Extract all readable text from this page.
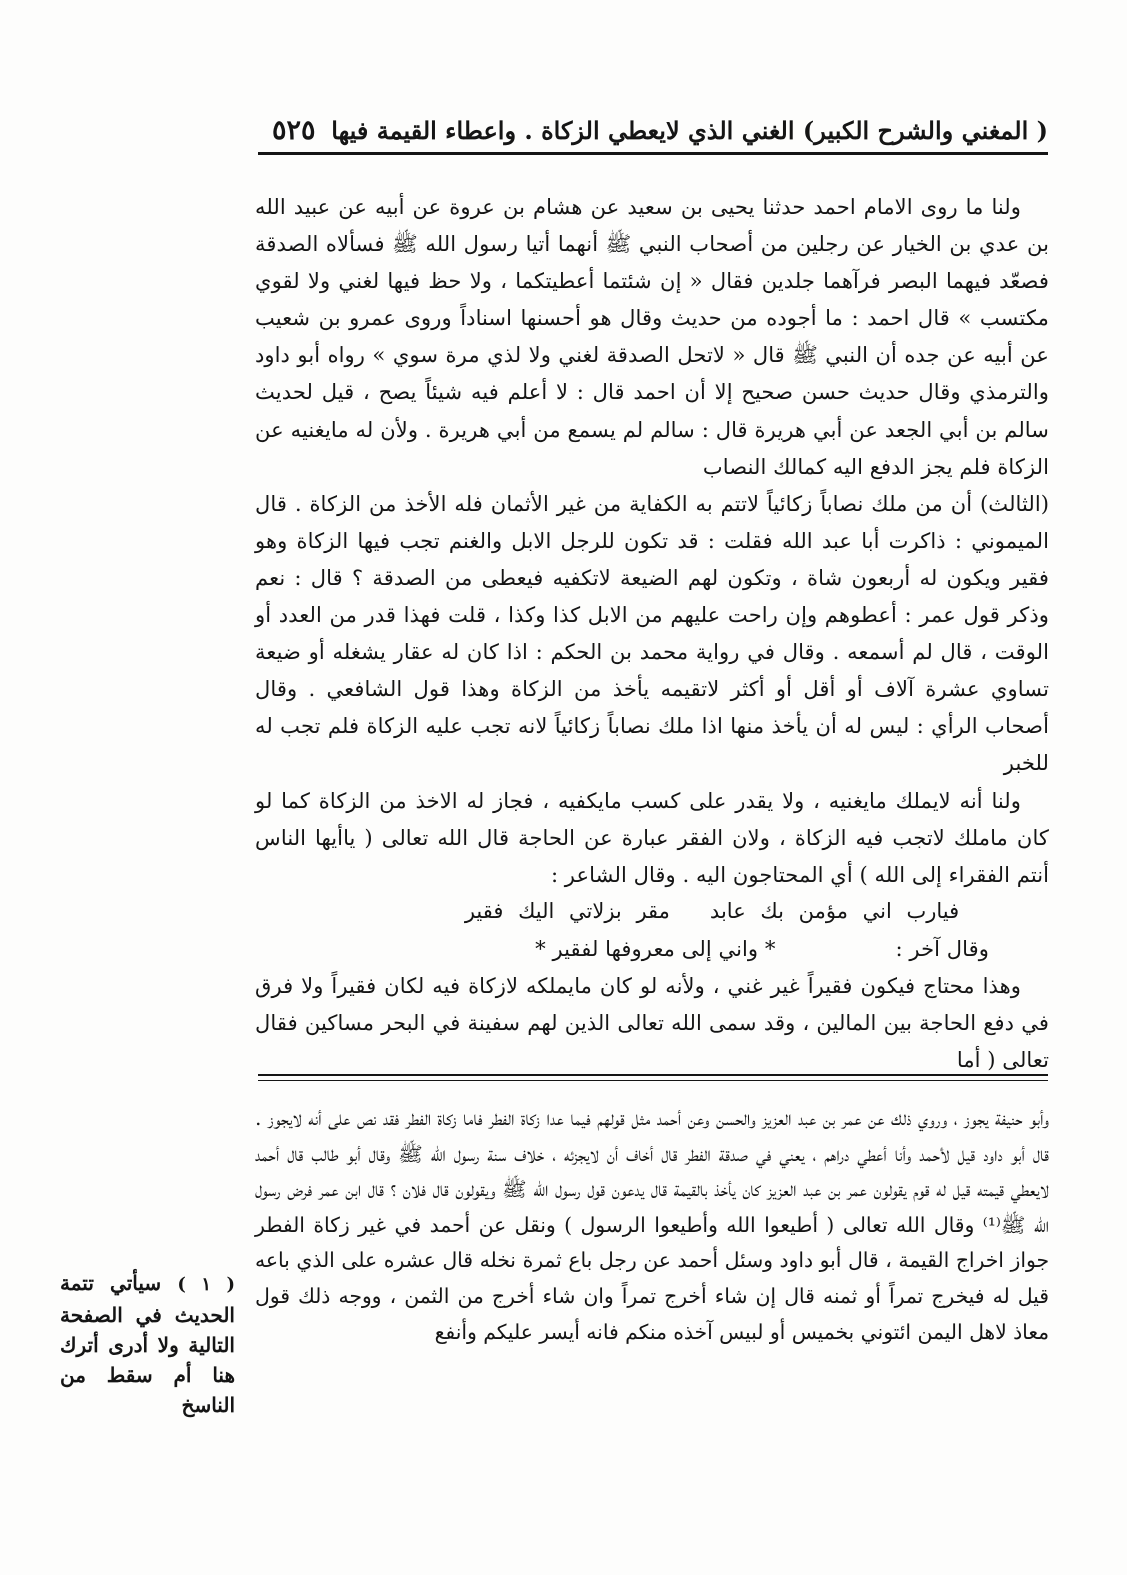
( المغني والشرح الكبير) الغني الذي لايعطي الزكاة . واعطاء القيمة فيها
٥٢٥

ولنا ما روى الامام احمد حدثنا يحيى بن سعيد عن هشام بن عروة عن أبيه عن عبيد الله بن عدي بن الخيار عن رجلين من أصحاب النبي ﷺ أنهما أتيا رسول الله ﷺ فسألاه الصدقة فصعّد فيهما البصر فرآهما جلدين فقال « إن شئتما أعطيتكما ، ولا حظ فيها لغني ولا لقوي مكتسب » قال احمد : ما أجوده من حديث وقال هو أحسنها اسناداً وروى عمرو بن شعيب عن أبيه عن جده أن النبي ﷺ قال « لاتحل الصدقة لغني ولا لذي مرة سوي » رواه أبو داود والترمذي وقال حديث حسن صحيح إلا أن احمد قال : لا أعلم فيه شيئاً يصح ، قيل لحديث سالم بن أبي الجعد عن أبي هريرة قال : سالم لم يسمع من أبي هريرة . ولأن له مايغنيه عن الزكاة فلم يجز الدفع اليه كمالك النصاب

(الثالث) أن من ملك نصاباً زكائياً لاتتم به الكفاية من غير الأثمان فله الأخذ من الزكاة . قال الميموني : ذاكرت أبا عبد الله فقلت : قد تكون للرجل الابل والغنم تجب فيها الزكاة وهو فقير ويكون له أربعون شاة ، وتكون لهم الضيعة لاتكفيه فيعطى من الصدقة ؟ قال : نعم وذكر قول عمر : أعطوهم وإن راحت عليهم من الابل كذا وكذا ، قلت فهذا قدر من العدد أو الوقت ، قال لم أسمعه . وقال في رواية محمد بن الحكم : اذا كان له عقار يشغله أو ضيعة تساوي عشرة آلاف أو أقل أو أكثر لاتقيمه يأخذ من الزكاة وهذا قول الشافعي . وقال أصحاب الرأي : ليس له أن يأخذ منها اذا ملك نصاباً زكائياً لانه تجب عليه الزكاة فلم تجب له للخبر

ولنا أنه لايملك مايغنيه ، ولا يقدر على كسب مايكفيه ، فجاز له الاخذ من الزكاة كما لو كان ماملك لاتجب فيه الزكاة ، ولان الفقر عبارة عن الحاجة قال الله تعالى ( ياأيها الناس أنتم الفقراء إلى الله ) أي المحتاجون اليه . وقال الشاعر :

فيارب اني مؤمن بك عابدمقر بزلاتي اليك فقير

وقال آخر :* واني إلى معروفها لفقير *

وهذا محتاج فيكون فقيراً غير غني ، ولأنه لو كان مايملكه لازكاة فيه لكان فقيراً ولا فرق في دفع الحاجة بين المالين ، وقد سمى الله تعالى الذين لهم سفينة في البحر مساكين فقال تعالى ( أما

وأبو حنيفة يجوز ، وروي ذلك عن عمر بن عبد العزيز والحسن وعن أحمد مثل قولهم فيما عدا زكاة الفطر فاما زكاة الفطر فقد نص على أنه لايجوز . قال أبو داود قيل لأحمد وأنا أعطي دراهم ، يعني في صدقة الفطر قال أخاف أن لايجزئه ، خلاف سنة رسول الله ﷺ وقال أبو طالب قال أحمد لايعطي قيمته قيل له قوم يقولون عمر بن عبد العزيز كان يأخذ بالقيمة قال يدعون قول رسول الله ﷺ ويقولون قال فلان ؟ قال ابن عمر فرض رسول الله ﷺ⁽¹⁾ وقال الله تعالى ( أطيعوا الله وأطيعوا الرسول ) ونقل عن أحمد في غير زكاة الفطر جواز اخراج القيمة ، قال أبو داود وسئل أحمد عن رجل باع ثمرة نخله قال عشره على الذي باعه قيل له فيخرج تمراً أو ثمنه قال إن شاء أخرج تمراً وان شاء أخرج من الثمن ، ووجه ذلك قول معاذ لاهل اليمن ائتوني بخميس أو لبيس آخذه منكم فانه أيسر عليكم وأنفع

( ١ ) سيأتي تتمة الحديث في الصفحة التالية ولا أدرى أترك هنا أم سقط من الناسخ
